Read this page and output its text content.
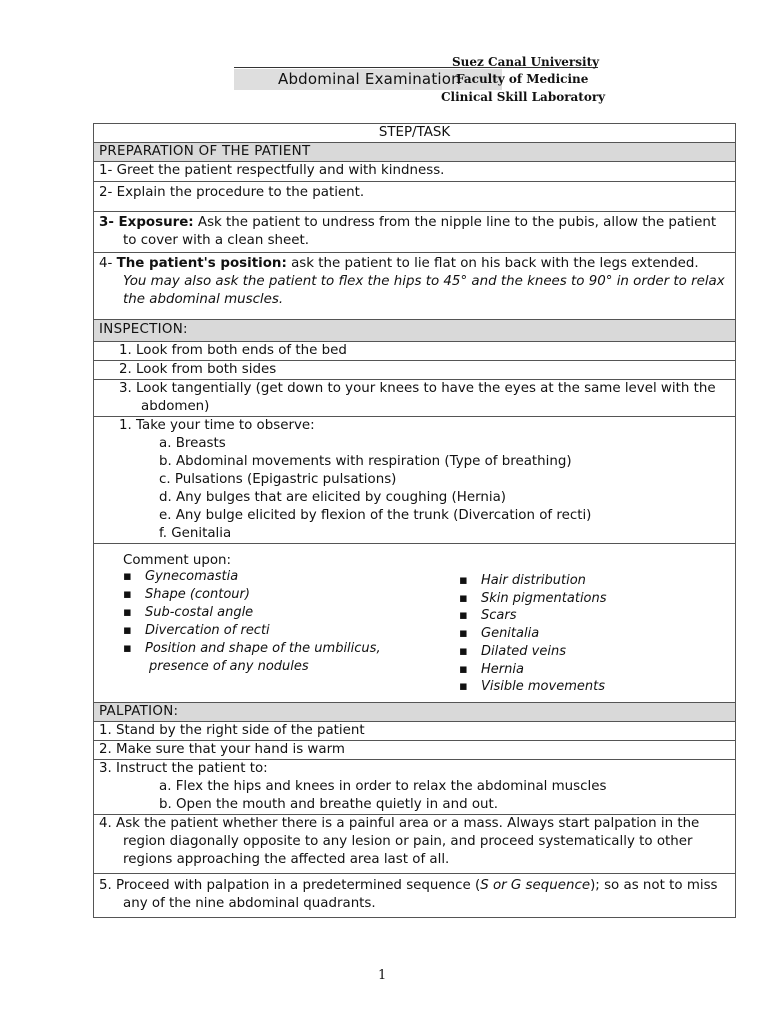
Abdominal Examination
Suez Canal University
Faculty of Medicine
Clinical Skill Laboratory
STEP/TASK
PREPARATION OF THE PATIENT
1- Greet the patient respectfully and with kindness.
2- Explain the procedure to the patient.

3- Exposure: Ask the patient to undress from the nipple line to the pubis, allow the patient to cover with a clean sheet.

4- The patient's position: ask the patient to lie flat on his back with the legs extended.  You may also ask the patient to flex the hips to 45° and the knees to 90° in order to relax the abdominal muscles.

INSPECTION:

1. Look from both ends of the bed

2. Look from both sides

3. Look tangentially (get down to your knees to have the eyes at the same level with the abdomen)

1. Take your time to observe:
a. Breasts
b. Abdominal movements with respiration (Type of breathing)
c. Pulsations (Epigastric pulsations)
d. Any bulges that are elicited by coughing (Hernia)
e. Any bulge elicited by flexion of the trunk (Divercation of recti)
f. Genitalia

Comment upon:
▪ Gynecomastia
▪ Shape (contour)
▪ Sub-costal angle
▪ Divercation of recti
▪ Position and shape of the umbilicus,
presence of any nodules
▪ Hair distribution
▪ Skin pigmentations
▪ Scars
▪ Genitalia
▪ Dilated veins
▪ Hernia
▪ Visible movements

PALPATION:

1. Stand by the right side of the patient

2. Make sure that your hand is warm

3. Instruct the patient to:
a. Flex the hips and knees in order to relax the abdominal muscles
b. Open the mouth and breathe quietly in and out.

4. Ask the patient whether there is a painful area or a mass. Always start palpation in the region diagonally opposite to any lesion or pain, and proceed systematically to other regions approaching the affected area last of all.

5. Proceed with palpation in a predetermined sequence (S or G sequence); so as not to miss any of the nine abdominal quadrants.
1
